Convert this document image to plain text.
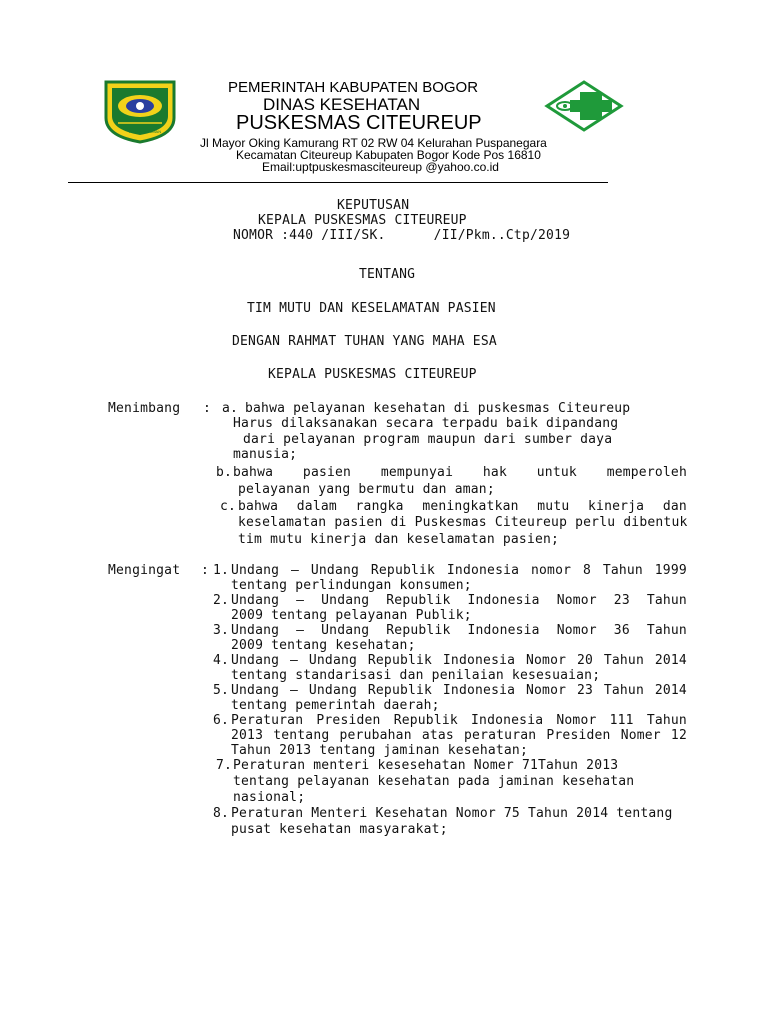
TEGAR BERIMAN
PEMERINTAH KABUPATEN BOGOR
DINAS KESEHATAN
PUSKESMAS CITEUREUP
Jl Mayor Oking Kamurang RT 02 RW 04 Kelurahan Puspanegara
Kecamatan Citeureup Kabupaten Bogor Kode Pos 16810
Email:uptpuskesmasciteureup @yahoo.co.id
KEPUTUSAN
KEPALA PUSKESMAS CITEUREUP
NOMOR :440 /III/SK.      /II/Pkm..Ctp/2019
TENTANG
TIM MUTU DAN KESELAMATAN PASIEN
DENGAN RAHMAT TUHAN YANG MAHA ESA
KEPALA PUSKESMAS CITEUREUP
Menimbang : a. bahwa pelayanan kesehatan di puskesmas Citeureup
Harus dilaksanakan secara terpadu baik dipandang
dari pelayanan program maupun dari sumber daya
manusia;
b. bahwa pasien mempunyai hak untuk memperoleh
pelayanan yang bermutu dan aman;
c. bahwa dalam rangka meningkatkan mutu kinerja dan
keselamatan pasien di Puskesmas Citeureup perlu dibentuk
tim mutu kinerja dan keselamatan pasien;
Mengingat : 1. Undang – Undang Republik Indonesia nomor 8 Tahun 1999
tentang perlindungan konsumen;
2. Undang – Undang Republik Indonesia Nomor 23 Tahun
2009 tentang pelayanan Publik;
3. Undang – Undang Republik Indonesia Nomor 36 Tahun
2009 tentang kesehatan;
4. Undang – Undang Republik Indonesia Nomor 20 Tahun 2014
tentang standarisasi dan penilaian kesesuaian;
5. Undang – Undang Republik Indonesia Nomor 23 Tahun 2014
tentang pemerintah daerah;
6. Peraturan Presiden Republik Indonesia Nomor 111 Tahun
2013 tentang perubahan atas peraturan Presiden Nomer 12
Tahun 2013 tentang jaminan kesehatan;
7. Peraturan menteri kesesehatan Nomer 71Tahun 2013
tentang pelayanan kesehatan pada jaminan kesehatan
nasional;
8. Peraturan Menteri Kesehatan Nomor 75 Tahun 2014 tentang
pusat kesehatan masyarakat;
